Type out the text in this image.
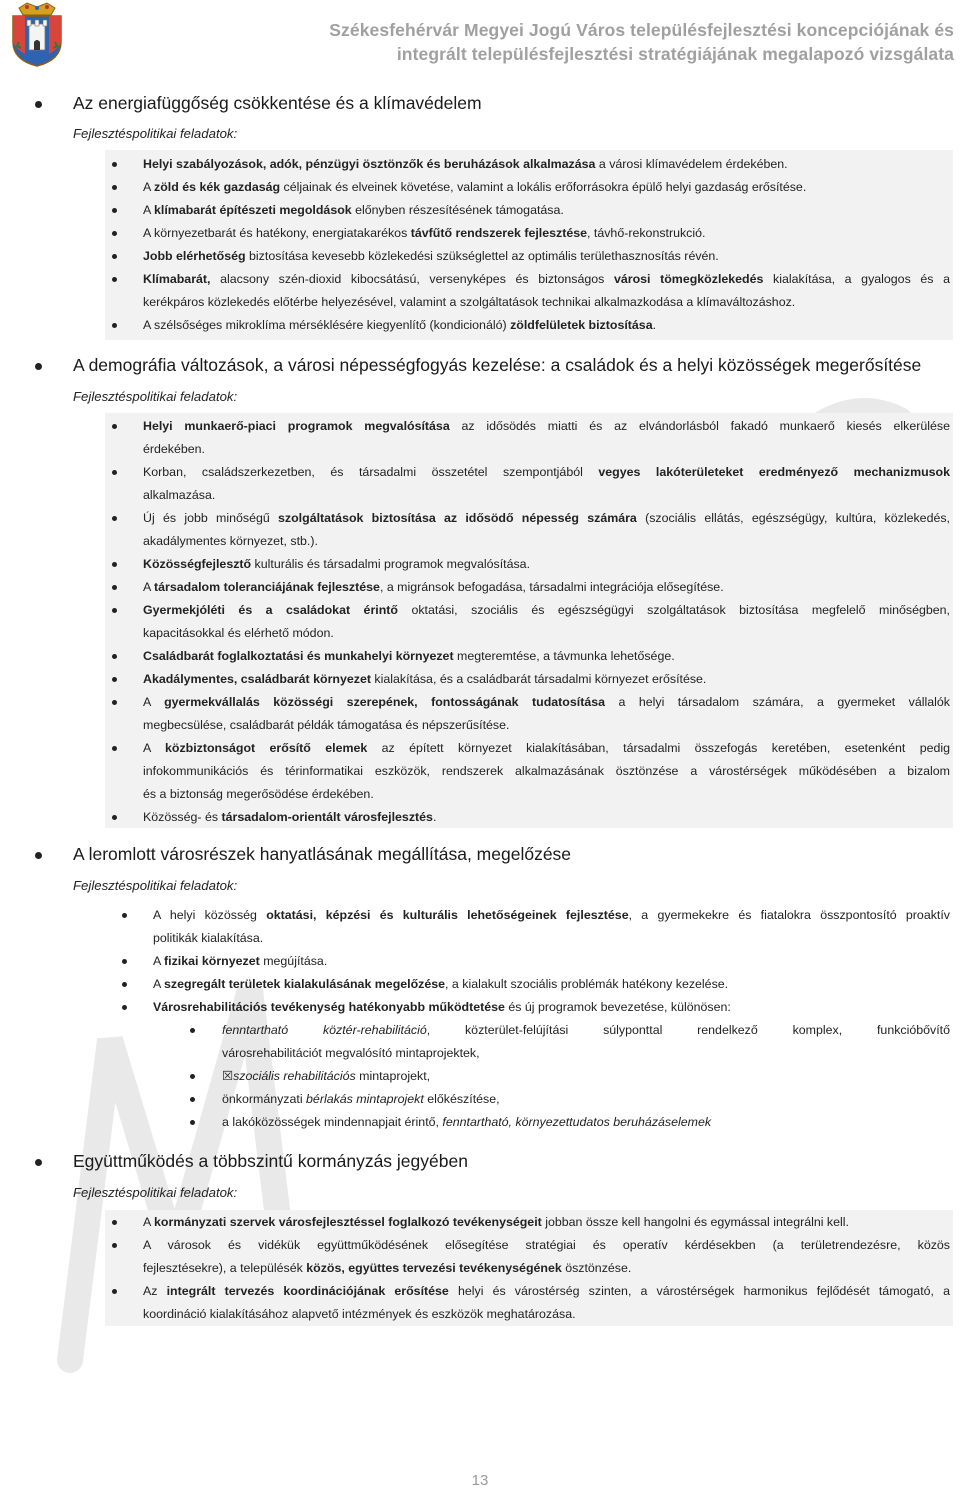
Székesfehérvár Megyei Jogú Város településfejlesztési koncepciójának és
integrált településfejlesztési stratégiájának megalapozó vizsgálata
Az energiafüggőség csökkentése és a klímavédelem
Fejlesztéspolitikai feladatok:
A demográfia változások, a városi népességfogyás kezelése: a családok és a helyi közösségek megerősítése
Fejlesztéspolitikai feladatok:
A leromlott városrészek hanyatlásának megállítása, megelőzése
Fejlesztéspolitikai feladatok:
Együttműködés a többszintű kormányzás jegyében
Fejlesztéspolitikai feladatok:
Helyi szabályozások, adók, pénzügyi ösztönzők és beruházások alkalmazása a városi klímavédelem érdekében.
A zöld és kék gazdaság céljainak és elveinek követése, valamint a lokális erőforrásokra épülő helyi gazdaság erősítése.
A klímabarát építészeti megoldások előnyben részesítésének támogatása.
A környezetbarát és hatékony, energiatakarékos távfűtő rendszerek fejlesztése, távhő-rekonstrukció.
Jobb elérhetőség biztosítása kevesebb közlekedési szükséglettel az optimális területhasznosítás révén.
Klímabarát, alacsony szén-dioxid kibocsátású, versenyképes és biztonságos városi tömegközlekedés kialakítása, a gyalogos és a
kerékpáros közlekedés előtérbe helyezésével, valamint a szolgáltatások technikai alkalmazkodása a klímaváltozáshoz.
A szélsőséges mikroklíma mérséklésére kiegyenlítő (kondicionáló) zöldfelületek biztosítása.
Helyi munkaerő-piaci programok megvalósítása az idősödés miatti és az elvándorlásból fakadó munkaerő kiesés elkerülése
érdekében.
Korban, családszerkezetben, és társadalmi összetétel szempontjából vegyes lakóterületeket eredményező mechanizmusok
alkalmazása.
Új és jobb minőségű szolgáltatások biztosítása az idősödő népesség számára (szociális ellátás, egészségügy, kultúra, közlekedés,
akadálymentes környezet, stb.).
Közösségfejlesztő kulturális és társadalmi programok megvalósítása.
A társadalom toleranciájának fejlesztése, a migránsok befogadása, társadalmi integrációja elősegítése.
Gyermekjóléti és a családokat érintő oktatási, szociális és egészségügyi szolgáltatások biztosítása megfelelő minőségben,
kapacitásokkal és elérhető módon.
Családbarát foglalkoztatási és munkahelyi környezet megteremtése, a távmunka lehetősége.
Akadálymentes, családbarát környezet kialakítása, és a családbarát társadalmi környezet erősítése.
A gyermekvállalás közösségi szerepének, fontosságának tudatosítása a helyi társadalom számára, a gyermeket vállalók
megbecsülése, családbarát példák támogatása és népszerűsítése.
A közbiztonságot erősítő elemek az épített környezet kialakításában, társadalmi összefogás keretében, esetenként pedig
infokommunikációs és térinformatikai eszközök, rendszerek alkalmazásának ösztönzése a várostérségek működésében a bizalom
és a biztonság megerősödése érdekében.
Közösség- és társadalom-orientált városfejlesztés.
A helyi közösség oktatási, képzési és kulturális lehetőségeinek fejlesztése, a gyermekekre és fiatalokra összpontosító proaktív
politikák kialakítása.
A fizikai környezet megújítása.
A szegregált területek kialakulásának megelőzése, a kialakult szociális problémák hatékony kezelése.
Városrehabilitációs tevékenység hatékonyabb működtetése és új programok bevezetése, különösen:
fenntartható köztér-rehabilitáció, közterület-felújítási súlyponttal rendelkező komplex, funkcióbővítő
városrehabilitációt megvalósító mintaprojektek,
☒szociális rehabilitációs mintaprojekt,
önkormányzati bérlakás mintaprojekt előkészítése,
a lakóközösségek mindennapjait érintő, fenntartható, környezettudatos beruházáselemek
A kormányzati szervek városfejlesztéssel foglalkozó tevékenységeit jobban össze kell hangolni és egymással integrálni kell.
A városok és vidékük együttműködésének elősegítése stratégiai és operatív kérdésekben (a területrendezésre, közös
fejlesztésekre), a településék közös, együttes tervezési tevékenységének ösztönzése.
Az integrált tervezés koordinációjának erősítése helyi és várostérség szinten, a várostérségek harmonikus fejlődését támogató, a
koordináció kialakításához alapvető intézmények és eszközök meghatározása.
13
